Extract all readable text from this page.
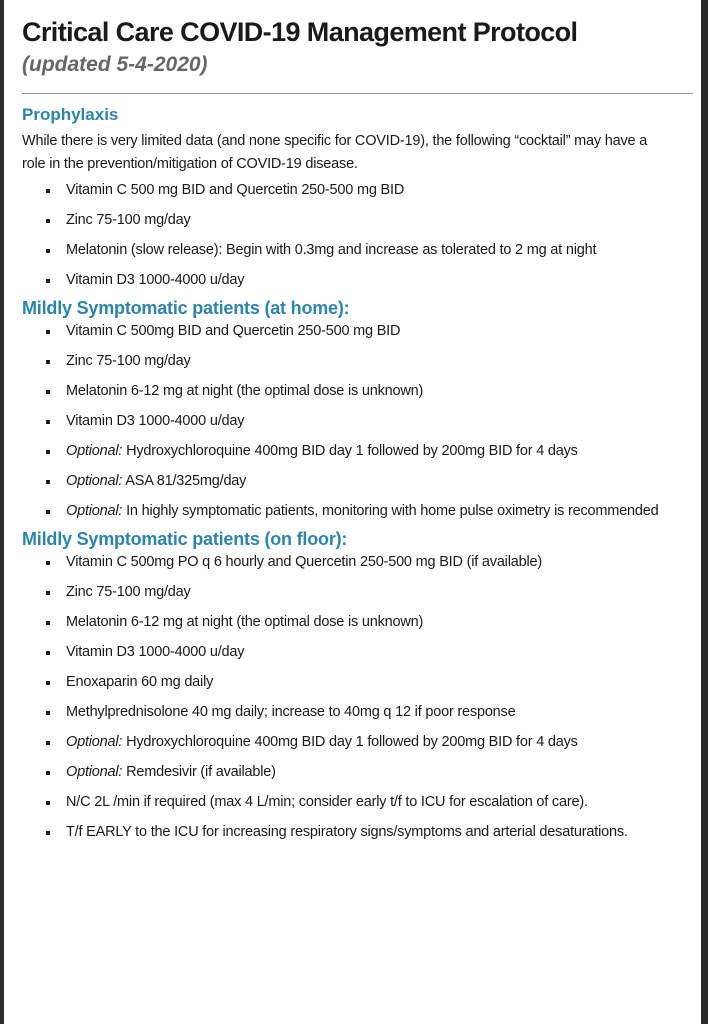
Critical Care COVID-19 Management Protocol

(updated 5-4-2020)

Prophylaxis

While there is very limited data (and none specific for COVID-19), the following “cocktail” may have a role in the prevention/mitigation of COVID-19 disease.

Vitamin C 500 mg BID and Quercetin 250-500 mg BID
Zinc 75-100 mg/day
Melatonin (slow release): Begin with 0.3mg and increase as tolerated to 2 mg at night
Vitamin D3 1000-4000 u/day
Mildly Symptomatic patients (at home):
Vitamin C 500mg BID and Quercetin 250-500 mg BID
Zinc 75-100 mg/day
Melatonin 6-12 mg at night (the optimal dose is unknown)
Vitamin D3 1000-4000 u/day
Optional: Hydroxychloroquine 400mg BID day 1 followed by 200mg BID for 4 days
Optional: ASA 81/325mg/day
Optional: In highly symptomatic patients, monitoring with home pulse oximetry is recommended
Mildly Symptomatic patients (on floor):
Vitamin C 500mg PO q 6 hourly and Quercetin 250-500 mg BID (if available)
Zinc 75-100 mg/day
Melatonin 6-12 mg at night (the optimal dose is unknown)
Vitamin D3 1000-4000 u/day
Enoxaparin 60 mg daily
Methylprednisolone 40 mg daily; increase to 40mg q 12 if poor response
Optional: Hydroxychloroquine 400mg BID day 1 followed by 200mg BID for 4 days
Optional: Remdesivir (if available)
N/C 2L /min if required (max 4 L/min; consider early t/f to ICU for escalation of care).
T/f EARLY to the ICU for increasing respiratory signs/symptoms and arterial desaturations.
